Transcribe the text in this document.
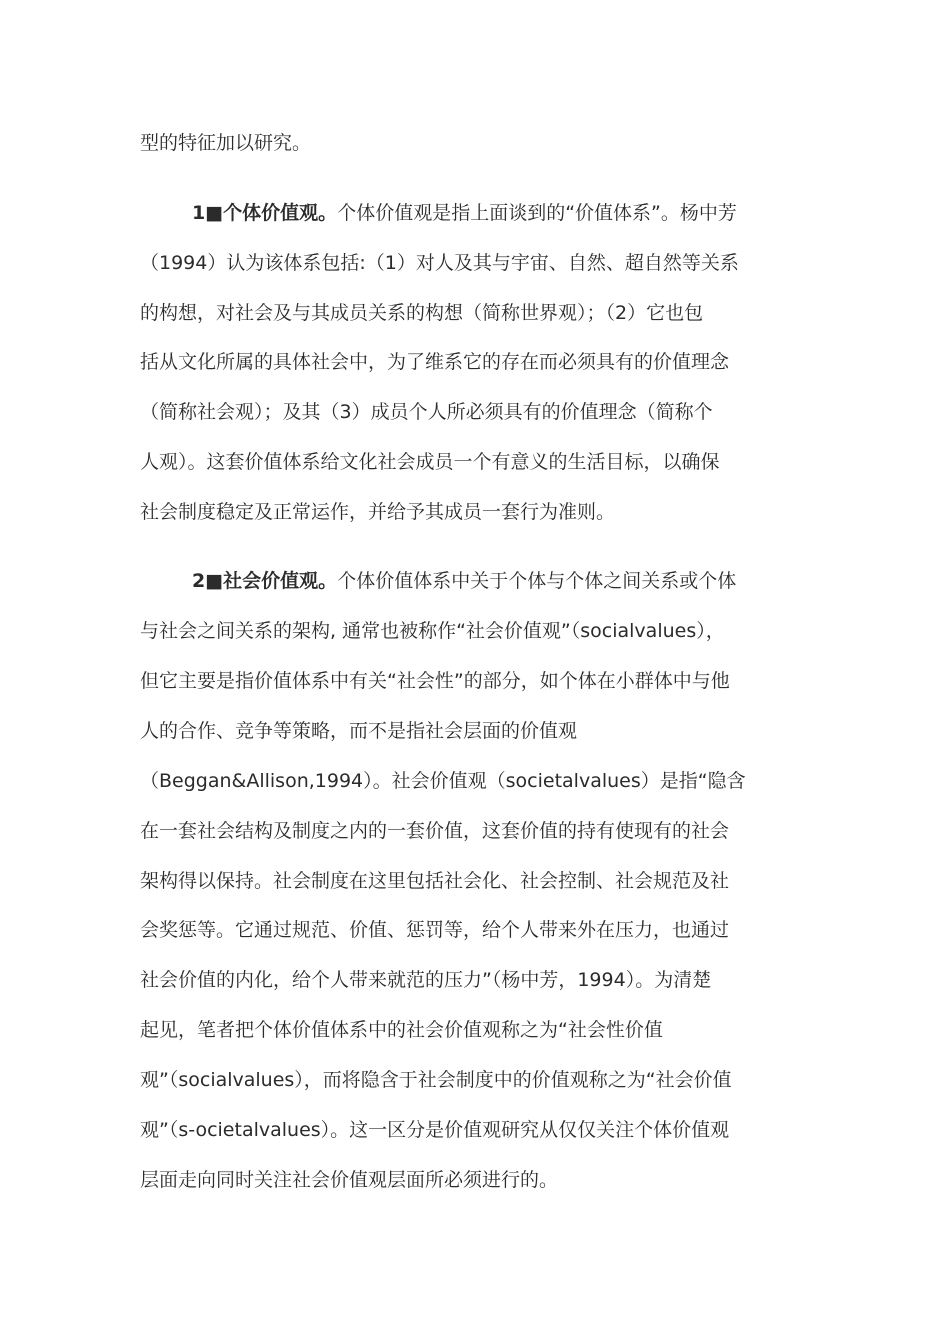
型的特征加以研究。
1■个体价值观。个体价值观是指上面谈到的“价值体系”。杨中芳
（1994）认为该体系包括:（1）对人及其与宇宙、自然、超自然等关系
的构想，对社会及与其成员关系的构想（简称世界观）；（2）它也包
括从文化所属的具体社会中，为了维系它的存在而必须具有的价值理念
（简称社会观）；及其（3）成员个人所必须具有的价值理念（简称个
人观）。这套价值体系给文化社会成员一个有意义的生活目标，以确保
社会制度稳定及正常运作，并给予其成员一套行为准则。
2■社会价值观。个体价值体系中关于个体与个体之间关系或个体
与社会之间关系的架构, 通常也被称作“社会价值观”（socialvalues），
但它主要是指价值体系中有关“社会性”的部分，如个体在小群体中与他
人的合作、竞争等策略，而不是指社会层面的价值观
（Beggan&Allison,1994）。社会价值观（societalvalues）是指“隐含
在一套社会结构及制度之内的一套价值，这套价值的持有使现有的社会
架构得以保持。社会制度在这里包括社会化、社会控制、社会规范及社
会奖惩等。它通过规范、价值、惩罚等，给个人带来外在压力，也通过
社会价值的内化，给个人带来就范的压力”（杨中芳，1994）。为清楚
起见，笔者把个体价值体系中的社会价值观称之为“社会性价值
观”（socialvalues），而将隐含于社会制度中的价值观称之为“社会价值
观”（s-ocietalvalues）。这一区分是价值观研究从仅仅关注个体价值观
层面走向同时关注社会价值观层面所必须进行的。
